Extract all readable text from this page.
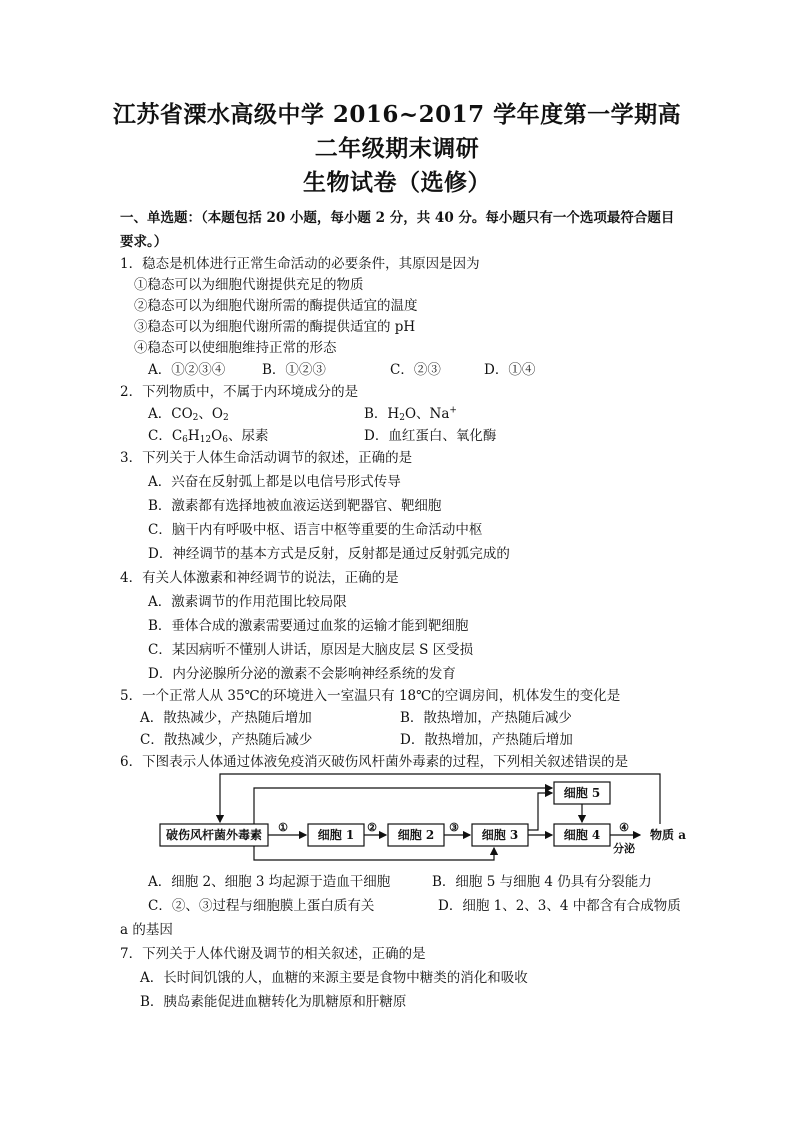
江苏省溧水高级中学 2016~2017 学年度第一学期高
二年级期末调研
生物试卷（选修）
一、单选题：（本题包括 20 小题，每小题 2 分，共 40 分。每小题只有一个选项最符合题目
要求。）
1．稳态是机体进行正常生命活动的必要条件，其原因是因为
①稳态可以为细胞代谢提供充足的物质
②稳态可以为细胞代谢所需的酶提供适宜的温度
③稳态可以为细胞代谢所需的酶提供适宜的 pH
④稳态可以使细胞维持正常的形态
A．①②③④	B．①②③	C．②③	D．①④
2．下列物质中，不属于内环境成分的是
A．$CO_2$、$O_2$	B．$H_2O$、Na+
C．$C_6H_{12}O_6$、尿素	D．血红蛋白、氧化酶
3．下列关于人体生命活动调节的叙述，正确的是
A．兴奋在反射弧上都是以电信号形式传导
B．激素都有选择地被血液运送到靶器官、靶细胞
C．脑干内有呼吸中枢、语言中枢等重要的生命活动中枢
D．神经调节的基本方式是反射，反射都是通过反射弧完成的
4．有关人体激素和神经调节的说法，正确的是
A．激素调节的作用范围比较局限
B．垂体合成的激素需要通过血浆的运输才能到靶细胞
C．某因病听不懂别人讲话，原因是大脑皮层 S 区受损
D．内分泌腺所分泌的激素不会影响神经系统的发育
5．一个正常人从 35℃的环境进入一室温只有 18℃的空调房间，机体发生的变化是
A．散热减少，产热随后增加	B．散热增加，产热随后减少
C．散热减少，产热随后减少	D．散热增加，产热随后增加
6．下图表示人体通过体液免疫消灭破伤风杆菌外毒素的过程，下列相关叙述错误的是
破伤风杆菌外毒素	细胞 1	细胞 2	细胞 3	细胞 4
细胞 5
物质 a
①	②	③	④
分泌
A．细胞 2、细胞 3 均起源于造血干细胞	B．细胞 5 与细胞 4 仍具有分裂能力
C．②、③过程与细胞膜上蛋白质有关	D．细胞 1、2、3、4 中都含有合成物质
a 的基因
7．下列关于人体代谢及调节的相关叙述，正确的是
A．长时间饥饿的人，血糖的来源主要是食物中糖类的消化和吸收
B．胰岛素能促进血糖转化为肌糖原和肝糖原
